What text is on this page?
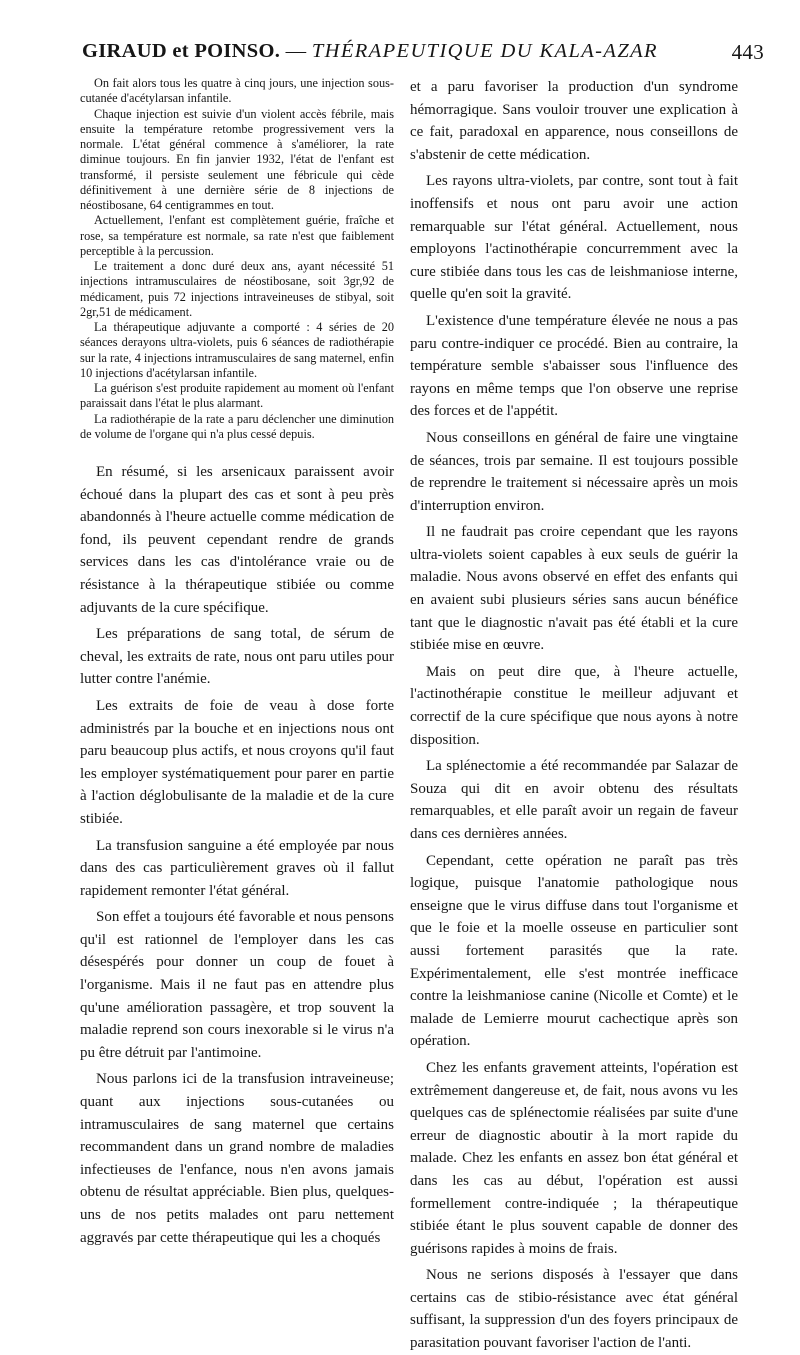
GIRAUD et POINSO. — THÉRAPEUTIQUE DU KALA-AZAR	443

On fait alors tous les quatre à cinq jours, une injection sous-cutanée d'acétylarsan infantile.

Chaque injection est suivie d'un violent accès fébrile, mais ensuite la température retombe progressivement vers la normale. L'état général commence à s'améliorer, la rate diminue toujours. En fin janvier 1932, l'état de l'enfant est transformé, il persiste seulement une fébricule qui cède définitivement à une dernière série de 8 injections de néostibosane, 64 centigrammes en tout.

Actuellement, l'enfant est complètement guérie, fraîche et rose, sa température est normale, sa rate n'est que faiblement perceptible à la percussion.

Le traitement a donc duré deux ans, ayant nécessité 51 injections intramusculaires de néostibosane, soit 3gr,92 de médicament, puis 72 injections intraveineuses de stibyal, soit 2gr,51 de médicament.

La thérapeutique adjuvante a comporté : 4 séries de 20 séances derayons ultra-violets, puis 6 séances de radiothérapie sur la rate, 4 injections intramusculaires de sang maternel, enfin 10 injections d'acétylarsan infantile.

La guérison s'est produite rapidement au moment où l'enfant paraissait dans l'état le plus alarmant.

La radiothérapie de la rate a paru déclencher une diminution de volume de l'organe qui n'a plus cessé depuis.

En résumé, si les arsenicaux paraissent avoir échoué dans la plupart des cas et sont à peu près abandonnés à l'heure actuelle comme médication de fond, ils peuvent cependant rendre de grands services dans les cas d'intolérance vraie ou de résistance à la thérapeutique stibiée ou comme adjuvants de la cure spécifique.

Les préparations de sang total, de sérum de cheval, les extraits de rate, nous ont paru utiles pour lutter contre l'anémie.

Les extraits de foie de veau à dose forte administrés par la bouche et en injections nous ont paru beaucoup plus actifs, et nous croyons qu'il faut les employer systématiquement pour parer en partie à l'action déglobulisante de la maladie et de la cure stibiée.

La transfusion sanguine a été employée par nous dans des cas particulièrement graves où il fallut rapidement remonter l'état général.

Son effet a toujours été favorable et nous pensons qu'il est rationnel de l'employer dans les cas désespérés pour donner un coup de fouet à l'organisme. Mais il ne faut pas en attendre plus qu'une amélioration passagère, et trop souvent la maladie reprend son cours inexorable si le virus n'a pu être détruit par l'antimoine.

Nous parlons ici de la transfusion intraveineuse; quant aux injections sous-cutanées ou intramusculaires de sang maternel que certains recommandent dans un grand nombre de maladies infectieuses de l'enfance, nous n'en avons jamais obtenu de résultat appréciable. Bien plus, quelques-uns de nos petits malades ont paru nettement aggravés par cette thérapeutique qui les a choqués

et a paru favoriser la production d'un syndrome hémorragique. Sans vouloir trouver une explication à ce fait, paradoxal en apparence, nous conseillons de s'abstenir de cette médication.

Les rayons ultra-violets, par contre, sont tout à fait inoffensifs et nous ont paru avoir une action remarquable sur l'état général. Actuellement, nous employons l'actinothérapie concurremment avec la cure stibiée dans tous les cas de leishmaniose interne, quelle qu'en soit la gravité.

L'existence d'une température élevée ne nous a pas paru contre-indiquer ce procédé. Bien au contraire, la température semble s'abaisser sous l'influence des rayons en même temps que l'on observe une reprise des forces et de l'appétit.

Nous conseillons en général de faire une vingtaine de séances, trois par semaine. Il est toujours possible de reprendre le traitement si nécessaire après un mois d'interruption environ.

Il ne faudrait pas croire cependant que les rayons ultra-violets soient capables à eux seuls de guérir la maladie. Nous avons observé en effet des enfants qui en avaient subi plusieurs séries sans aucun bénéfice tant que le diagnostic n'avait pas été établi et la cure stibiée mise en œuvre.

Mais on peut dire que, à l'heure actuelle, l'actinothérapie constitue le meilleur adjuvant et correctif de la cure spécifique que nous ayons à notre disposition.

La splénectomie a été recommandée par Salazar de Souza qui dit en avoir obtenu des résultats remarquables, et elle paraît avoir un regain de faveur dans ces dernières années.

Cependant, cette opération ne paraît pas très logique, puisque l'anatomie pathologique nous enseigne que le virus diffuse dans tout l'organisme et que le foie et la moelle osseuse en particulier sont aussi fortement parasités que la rate. Expérimentalement, elle s'est montrée inefficace contre la leishmaniose canine (Nicolle et Comte) et le malade de Lemierre mourut cachectique après son opération.

Chez les enfants gravement atteints, l'opération est extrêmement dangereuse et, de fait, nous avons vu les quelques cas de splénectomie réalisées par suite d'une erreur de diagnostic aboutir à la mort rapide du malade. Chez les enfants en assez bon état général et dans les cas au début, l'opération est aussi formellement contre-indiquée ; la thérapeutique stibiée étant le plus souvent capable de donner des guérisons rapides à moins de frais.

Nous ne serions disposés à l'essayer que dans certains cas de stibio-résistance avec état général suffisant, la suppression d'un des foyers principaux de parasitation pouvant favoriser l'action de l'anti.
